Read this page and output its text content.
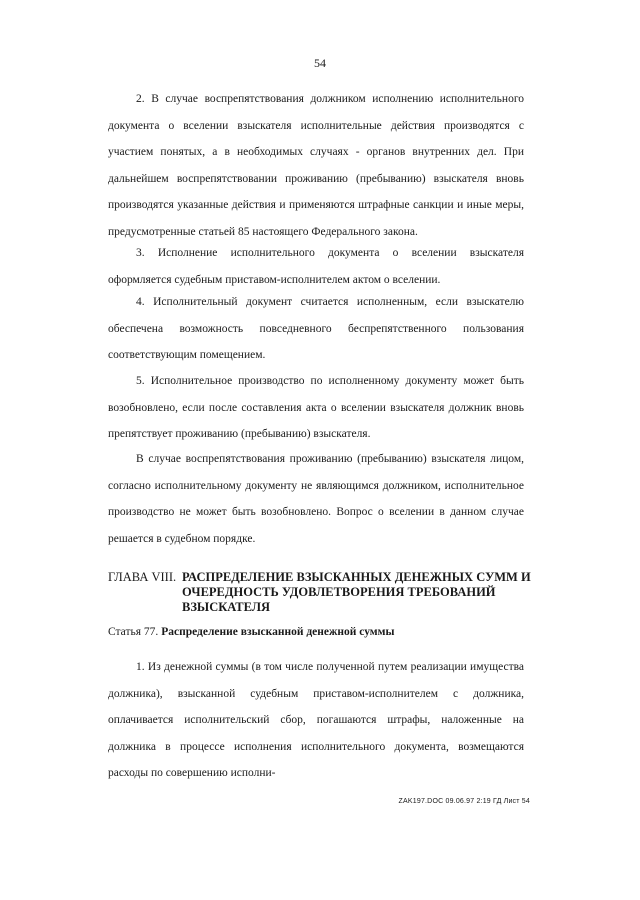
54

2. В случае воспрепятствования должником исполнению исполнительного документа о вселении взыскателя исполнительные действия производятся с участием понятых, а в необходимых случаях - органов внутренних дел. При дальнейшем воспрепятствовании проживанию (пребыванию) взыскателя вновь производятся указанные действия и применяются штрафные санкции и иные меры, предусмотренные статьей 85 настоящего Федерального закона.

3. Исполнение исполнительного документа о вселении взыскателя оформляется судебным приставом-исполнителем актом о вселении.

4. Исполнительный документ считается исполненным, если взыскателю обеспечена возможность повседневного беспрепятственного пользования соответствующим помещением.

5. Исполнительное производство по исполненному документу может быть возобновлено, если после составления акта о вселении взыскателя должник вновь препятствует проживанию (пребыванию) взыскателя.

В случае воспрепятствования проживанию (пребыванию) взыскателя лицом, согласно исполнительному документу не являющимся должником, исполнительное производство не может быть возобновлено. Вопрос о вселении в данном случае решается в судебном порядке.

ГЛАВА VIII. РАСПРЕДЕЛЕНИЕ ВЗЫСКАННЫХ ДЕНЕЖНЫХ СУММ И ОЧЕРЕДНОСТЬ УДОВЛЕТВОРЕНИЯ ТРЕБОВАНИЙ ВЗЫСКАТЕЛЯ
Статья 77. Распределение взысканной денежной суммы

1. Из денежной суммы (в том числе полученной путем реализации имущества должника), взысканной судебным приставом-исполнителем с должника, оплачивается исполнительский сбор, погашаются штрафы, наложенные на должника в процессе исполнения исполнительного документа, возмещаются расходы по совершению исполни-

ZAK197.DOC 09.06.97 2:19 ГД Лист 54
